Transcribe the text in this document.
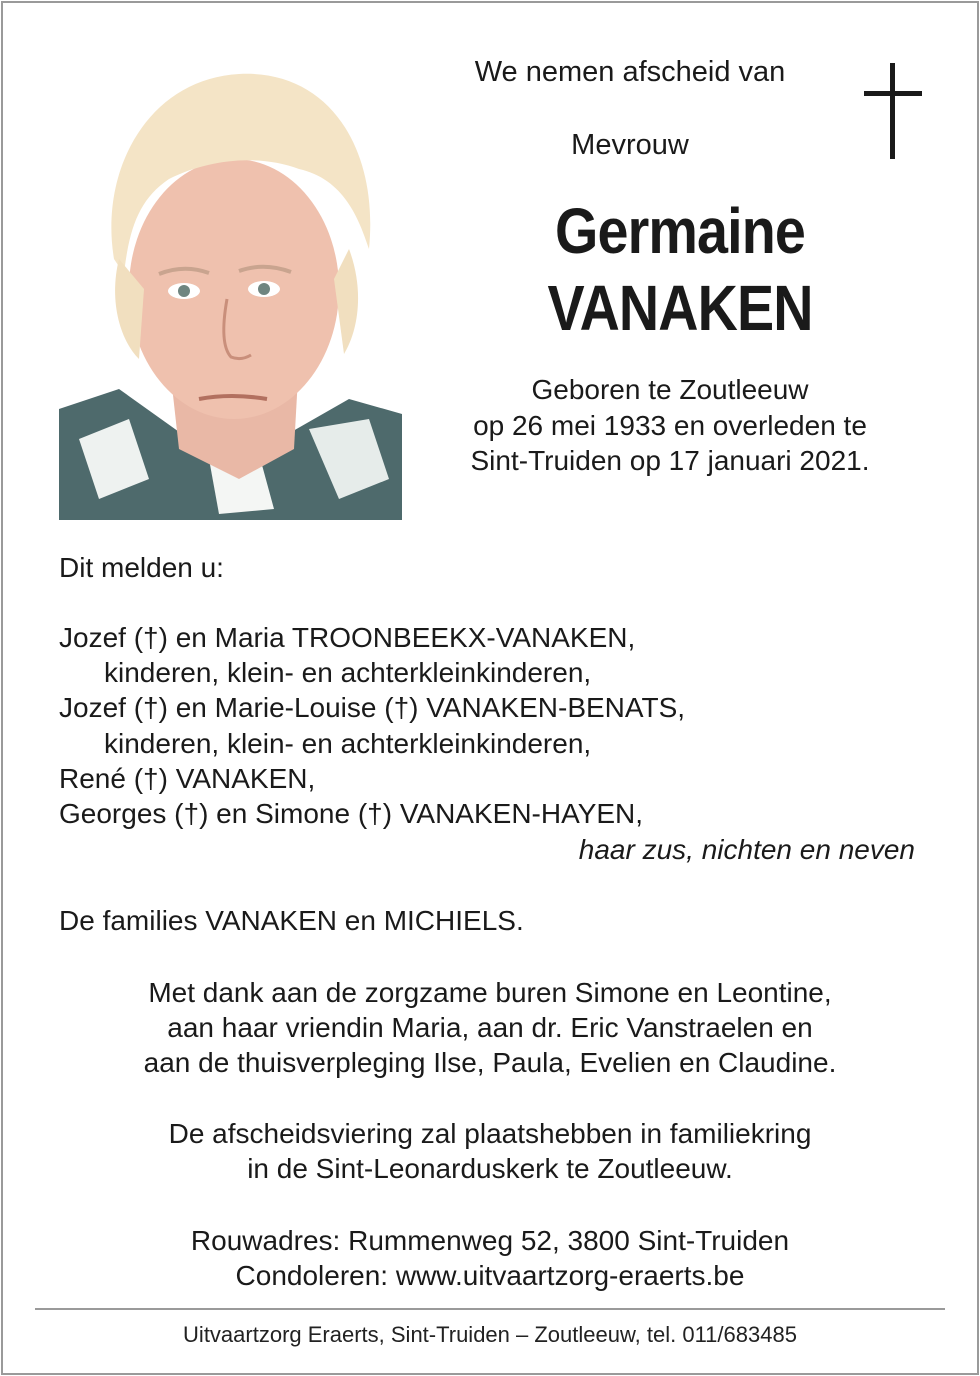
We nemen afscheid van
Mevrouw
Germaine
VANAKEN
Geboren te Zoutleeuw
op 26 mei 1933 en overleden te
Sint-Truiden op 17 januari 2021.
Dit melden u:
Jozef (†) en Maria TROONBEEKX-VANAKEN,
kinderen, klein- en achterkleinkinderen,
Jozef (†) en Marie-Louise (†) VANAKEN-BENATS,
kinderen, klein- en achterkleinkinderen,
René (†) VANAKEN,
Georges (†) en Simone (†) VANAKEN-HAYEN,
haar zus, nichten en neven
De families VANAKEN en MICHIELS.
Met dank aan de zorgzame buren Simone en Leontine,
aan haar vriendin Maria, aan dr. Eric Vanstraelen en
aan de thuisverpleging Ilse, Paula, Evelien en Claudine.
De afscheidsviering zal plaatshebben in familiekring
in de Sint-Leonarduskerk te Zoutleeuw.
Rouwadres: Rummenweg 52, 3800 Sint-Truiden
Condoleren: www.uitvaartzorg-eraerts.be
Uitvaartzorg Eraerts, Sint-Truiden – Zoutleeuw, tel. 011/683485
